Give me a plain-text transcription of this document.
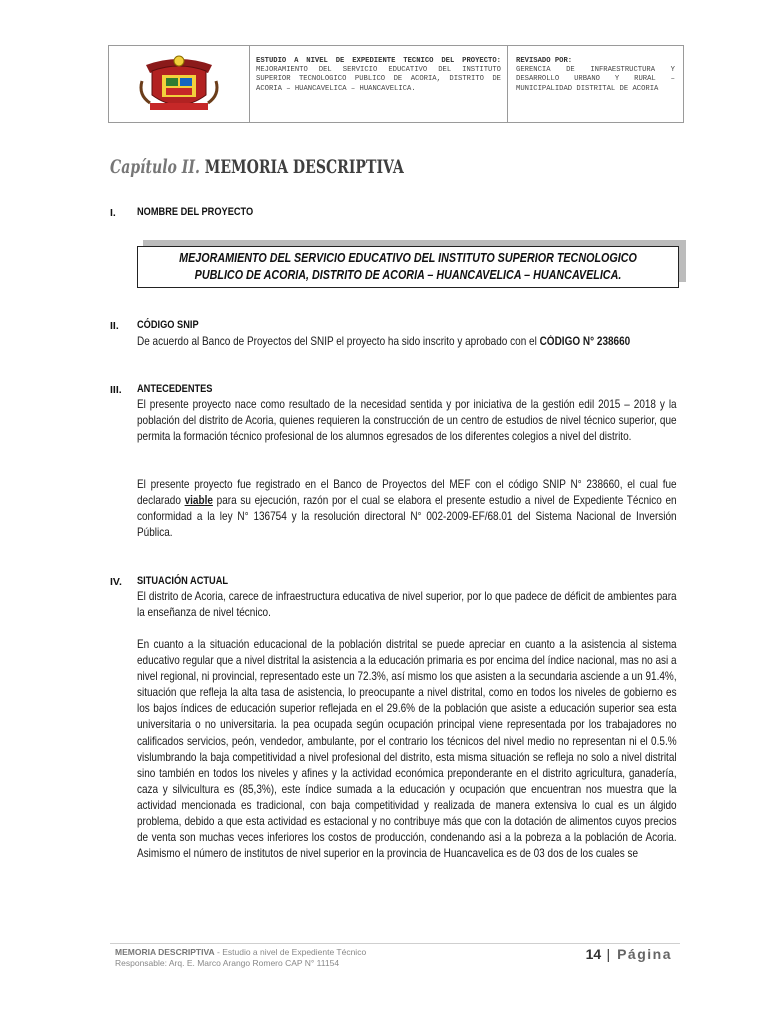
ESTUDIO A NIVEL DE EXPEDIENTE TECNICO DEL PROYECTO: MEJORAMIENTO DEL SERVICIO EDUCATIVO DEL INSTITUTO SUPERIOR TECNOLOGICO PUBLICO DE ACORIA, DISTRITO DE ACORIA – HUANCAVELICA – HUANCAVELICA.
REVISADO POR:
GERENCIA DE INFRAESTRUCTURA Y DESARROLLO URBANO Y RURAL – MUNICIPALIDAD DISTRITAL DE ACORIA
Capítulo II. MEMORIA DESCRIPTIVA
I. NOMBRE DEL PROYECTO
MEJORAMIENTO DEL SERVICIO EDUCATIVO DEL INSTITUTO SUPERIOR TECNOLOGICO PUBLICO DE ACORIA, DISTRITO DE ACORIA – HUANCAVELICA – HUANCAVELICA.
II. CÓDIGO SNIP
De acuerdo al Banco de Proyectos del SNIP el proyecto ha sido inscrito y aprobado con el CÓDIGO N° 238660
III. ANTECEDENTES
El presente proyecto nace como resultado de la necesidad sentida y por iniciativa de la gestión edil 2015 – 2018 y la población del distrito de Acoria, quienes requieren la construcción de un centro de estudios de nivel técnico superior, que permita la formación técnico profesional de los alumnos egresados de los diferentes colegios a nivel del distrito.
El presente proyecto fue registrado en el Banco de Proyectos del MEF con el código SNIP N° 238660, el cual fue declarado viable para su ejecución, razón por el cual se elabora el presente estudio a nivel de Expediente Técnico en conformidad a la ley N° 136754 y la resolución directoral N° 002-2009-EF/68.01 del Sistema Nacional de Inversión Pública.
IV. SITUACIÓN ACTUAL
El distrito de Acoria, carece de infraestructura educativa de nivel superior, por lo que padece de déficit de ambientes para la enseñanza de nivel técnico.
En cuanto a la situación educacional de la población distrital se puede apreciar en cuanto a la asistencia al sistema educativo regular que a nivel distrital la asistencia a la educación primaria es por encima del índice nacional, mas no asi a nivel regional, ni provincial, representado este un 72.3%, así mismo los que asisten a la secundaria asciende a un 91.4%, situación que refleja la alta tasa de asistencia, lo preocupante a nivel distrital, como en todos los niveles de gobierno es los bajos índices de educación superior reflejada en el 29.6% de la población que asiste a educación superior sea esta universitaria o no universitaria. la pea ocupada según ocupación principal viene representada por los trabajadores no calificados servicios, peón, vendedor, ambulante, por el contrario los técnicos del nivel medio no representan ni el 0.5.% vislumbrando la baja competitividad a nivel profesional del distrito, esta misma situación se refleja no solo a nivel distrital sino también en todos los niveles y afines y la actividad económica preponderante en el distrito agricultura, ganadería, caza y silvicultura es (85,3%), este índice sumada a la educación y ocupación que encuentran nos muestra que la actividad mencionada es tradicional, con baja competitividad y realizada de manera extensiva lo cual es un álgido problema, debido a que esta actividad es estacional y no contribuye más que con la dotación de alimentos cuyos precios de venta son muchas veces inferiores los costos de producción, condenando asi a la pobreza a la población de Acoria. Asimismo el número de institutos de nivel superior en la provincia de Huancavelica es de 03 dos de los cuales se
MEMORIA DESCRIPTIVA - Estudio a nivel de Expediente Técnico
Responsable: Arq. E. Marco Arango Romero CAP N° 11154
14 | Página
